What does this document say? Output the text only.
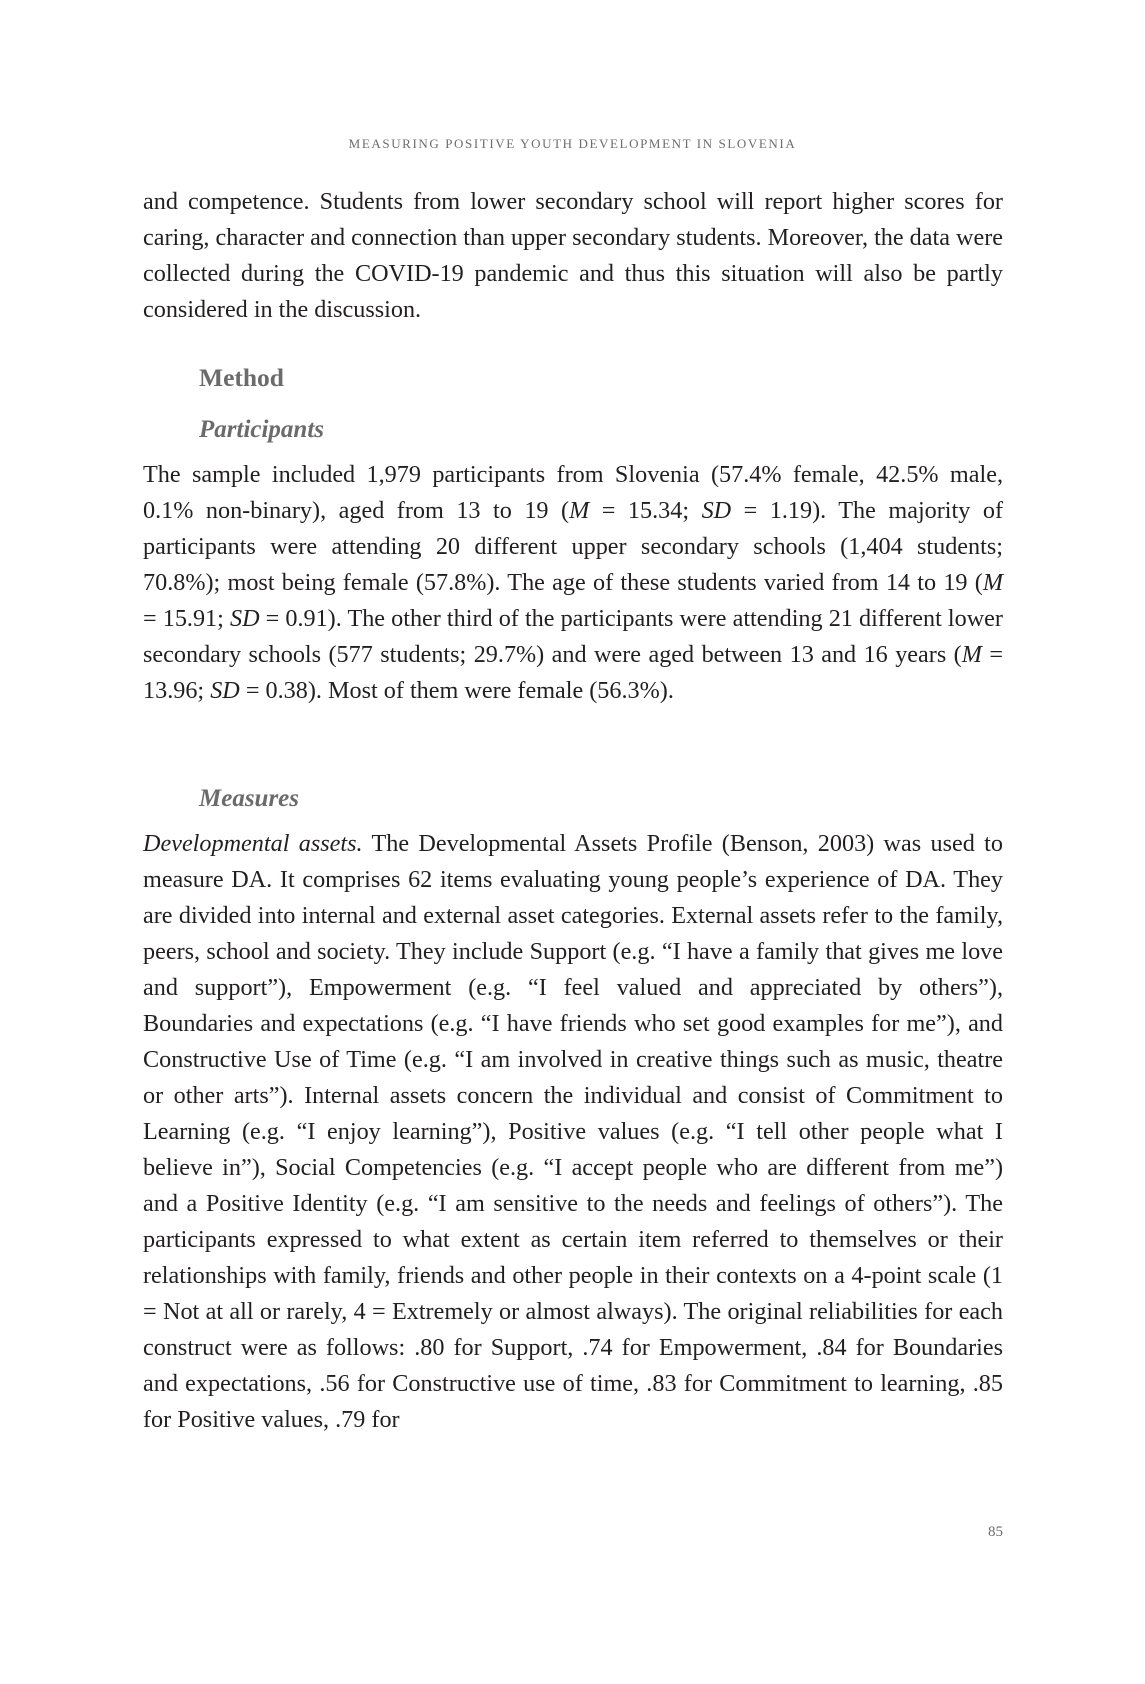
MEASURING POSITIVE YOUTH DEVELOPMENT IN SLOVENIA

and competence. Students from lower secondary school will report higher scores for caring, character and connection than upper secondary students. Moreover, the data were collected during the COVID-19 pandemic and thus this situation will also be partly considered in the discussion.

Method
Participants

The sample included 1,979 participants from Slovenia (57.4% female, 42.5% male, 0.1% non-binary), aged from 13 to 19 (M = 15.34; SD = 1.19). The majority of participants were attending 20 different upper secondary schools (1,404 students; 70.8%); most being female (57.8%). The age of these students varied from 14 to 19 (M = 15.91; SD = 0.91). The other third of the participants were attending 21 different lower secondary schools (577 students; 29.7%) and were aged between 13 and 16 years (M = 13.96; SD = 0.38). Most of them were female (56.3%).

Measures

Developmental assets. The Developmental Assets Profile (Benson, 2003) was used to measure DA. It comprises 62 items evaluating young people’s experience of DA. They are divided into internal and external asset categories. External assets refer to the family, peers, school and society. They include Support (e.g. “I have a family that gives me love and support”), Empowerment (e.g. “I feel valued and appreciated by others”), Boundaries and expectations (e.g. “I have friends who set good examples for me”), and Constructive Use of Time (e.g. “I am involved in creative things such as music, theatre or other arts”). Internal assets concern the individual and consist of Commitment to Learning (e.g. “I enjoy learning”), Positive values (e.g. “I tell other people what I believe in”), Social Competencies (e.g. “I accept people who are different from me”) and a Positive Identity (e.g. “I am sensitive to the needs and feelings of others”). The participants expressed to what extent as certain item referred to themselves or their relationships with family, friends and other people in their contexts on a 4-point scale (1 = Not at all or rarely, 4 = Extremely or almost always). The original reliabilities for each construct were as follows: .80 for Support, .74 for Empowerment, .84 for Boundaries and expectations, .56 for Constructive use of time, .83 for Commitment to learning, .85 for Positive values, .79 for

85
